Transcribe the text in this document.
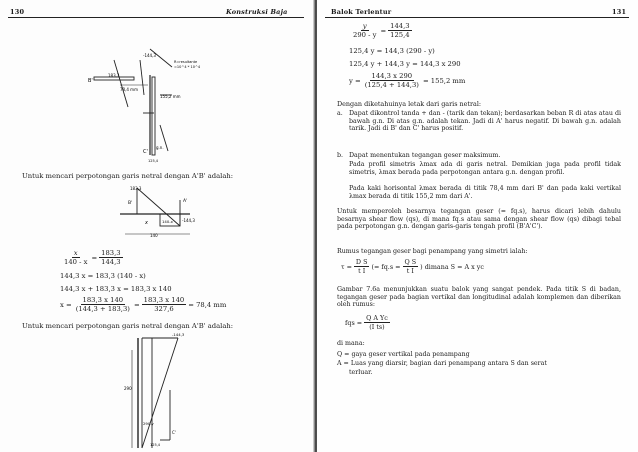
130	Konstruksi Baja
-144,3
183,3
B'
78,4 mm
155,2 mm
R=resultante
=10^4 * 10^4
g.n.
C'
125,4
Untuk mencari perpotongan garis netral dengan A'B' adalah:
183,3
B'	A'
x	-144,3
140-x
140
$\frac{x}{140 - x} = \frac{183,3}{144,3}$
144,3 x = 183,3 (140 - x)
144,3 x + 183,3 x = 183,3 x 140
$x = \frac{183,3 x 140}{(144,3 + 183,3)} = \frac{183,3 x 140}{327,6} = 78,4$ mm
Untuk mencari perpotongan garis netral dengan A'B' adalah:
-144,3
290
290-y
C'
125,4
Balok Terlentur	131
$\frac{y}{290 - y} = \frac{144,3}{125,4}$
125,4 y = 144,3 (290 - y)
125,4 y + 144,3 y = 144,3 x 290
$y = \frac{144,3 x 290}{(125,4 + 144,3)} = 155,2$ mm
Dengan diketahuinya letak dari garis netral:
a. Dapat dikontrol tanda + dan - (tarik dan tekan); berdasarkan beban R di atas atau di bawah g.n. Di atas g.n. adalah tekan. Jadi di A' harus negatif. Di bawah g.n. adalah tarik. Jadi di B' dan C' harus positif.
b. Dapat menentukan tegangan geser maksimum.
Pada profil simetris λmax ada di garis netral. Demikian juga pada profil tidak simetris, λmax berada pada perpotongan antara g.n. dengan profil.
Pada kaki horisontal λmax berada di titik 78,4 mm dari B' dan pada kaki vertikal λmax berada di titik 155,2 mm dari A'.
Untuk memperoleh besarnya tegangan geser (= fq.s), harus dicari lebih dahulu besarnya shear flow (qs), di mana fq.s atau sama dengan shear flow (qs) dibagi tebal pada perpotongan g.n. dengan garis-garis tengah profil (B'A'C').
Rumus tegangan geser bagi penampang yang simetri ialah:
$\tau = \frac{\text{D S}}{\text{t I}}$ (= $fq.s = \frac{\text{Q S}}{\text{t I}}$ ) dimana S = A x yc
Gambar 7.6a menunjukkan suatu balok yang sangat pendek. Pada titik S di badan, tegangan geser pada bagian vertikal dan longitudinal adalah komplemen dan diberikan oleh rumus:
fqs = $\frac{\text{Q A Yc}}{\text{(I ts)}}$
di mana:
Q = gaya geser vertikal pada penampang
A = Luas yang diarsir, bagian dari penampang antara S dan serat
terluar.
